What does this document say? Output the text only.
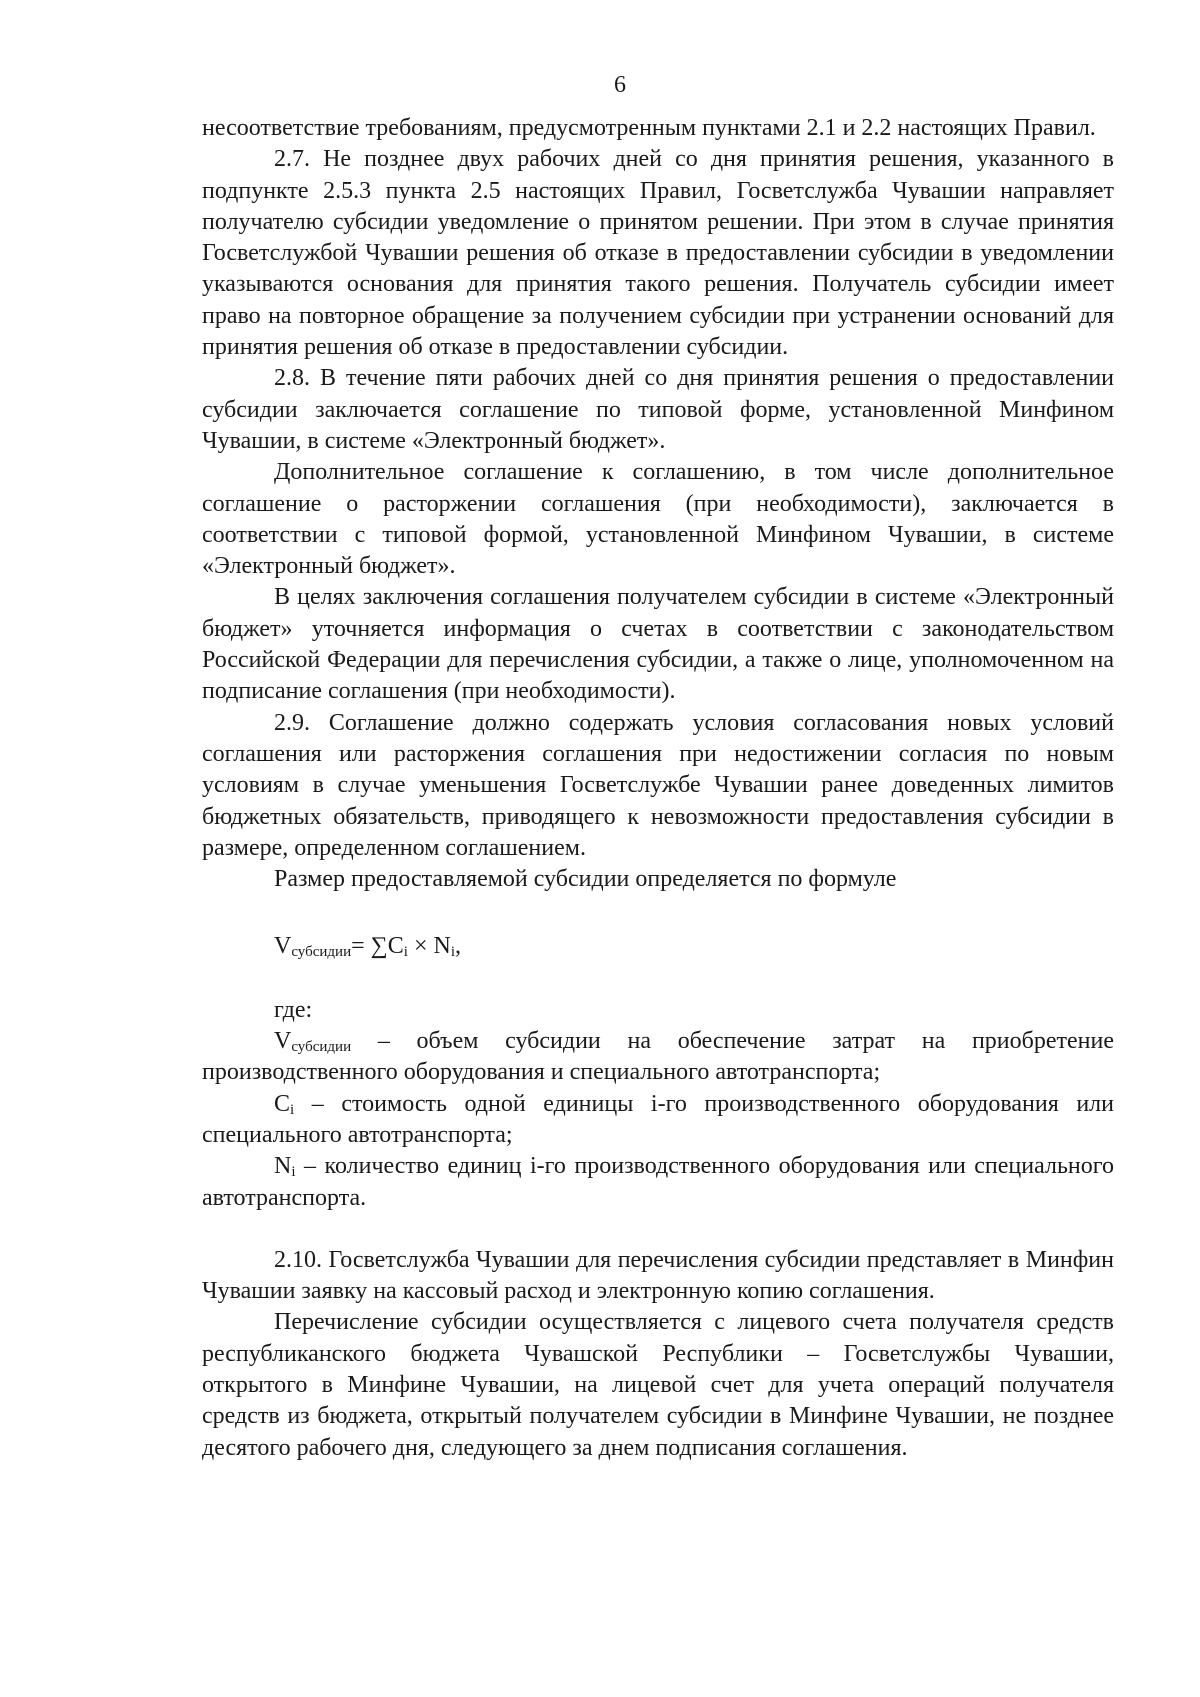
6

несоответствие требованиям, предусмотренным пунктами 2.1 и 2.2 настоящих Правил.

2.7. Не позднее двух рабочих дней со дня принятия решения, указанного в подпункте 2.5.3 пункта 2.5 настоящих Правил, Госветслужба Чувашии направляет получателю субсидии уведомление о принятом решении. При этом в случае принятия Госветслужбой Чувашии решения об отказе в предоставлении субсидии в уведомлении указываются основания для принятия такого решения. Получатель субсидии имеет право на повторное обращение за получением субсидии при устранении оснований для принятия решения об отказе в предоставлении субсидии.

2.8. В течение пяти рабочих дней со дня принятия решения о предоставлении субсидии заключается соглашение по типовой форме, установленной Минфином Чувашии, в системе «Электронный бюджет».

Дополнительное соглашение к соглашению, в том числе дополнительное соглашение о расторжении соглашения (при необходимости), заключается в соответствии с типовой формой, установленной Минфином Чувашии, в системе «Электронный бюджет».

В целях заключения соглашения получателем субсидии в системе «Электронный бюджет» уточняется информация о счетах в соответствии с законодательством Российской Федерации для перечисления субсидии, а также о лице, уполномоченном на подписание соглашения (при необходимости).

2.9. Соглашение должно содержать условия согласования новых условий соглашения или расторжения соглашения при недостижении согласия по новым условиям в случае уменьшения Госветслужбе Чувашии ранее доведенных лимитов бюджетных обязательств, приводящего к невозможности предоставления субсидии в размере, определенном соглашением.

Размер предоставляемой субсидии определяется по формуле

$V_{субсидии}= \sum C_i \times N_i$,

где:

$V_{субсидии}$ – объем субсидии на обеспечение затрат на приобретение производственного оборудования и специального автотранспорта;

$C_i$ – стоимость одной единицы i-го производственного оборудования или специального автотранспорта;

$N_i$ – количество единиц i-го производственного оборудования или специального автотранспорта.

2.10. Госветслужба Чувашии для перечисления субсидии представляет в Минфин Чувашии заявку на кассовый расход и электронную копию соглашения.

Перечисление субсидии осуществляется с лицевого счета получателя средств республиканского бюджета Чувашской Республики – Госветслужбы Чувашии, открытого в Минфине Чувашии, на лицевой счет для учета операций получателя средств из бюджета, открытый получателем субсидии в Минфине Чувашии, не позднее десятого рабочего дня, следующего за днем подписания соглашения.
